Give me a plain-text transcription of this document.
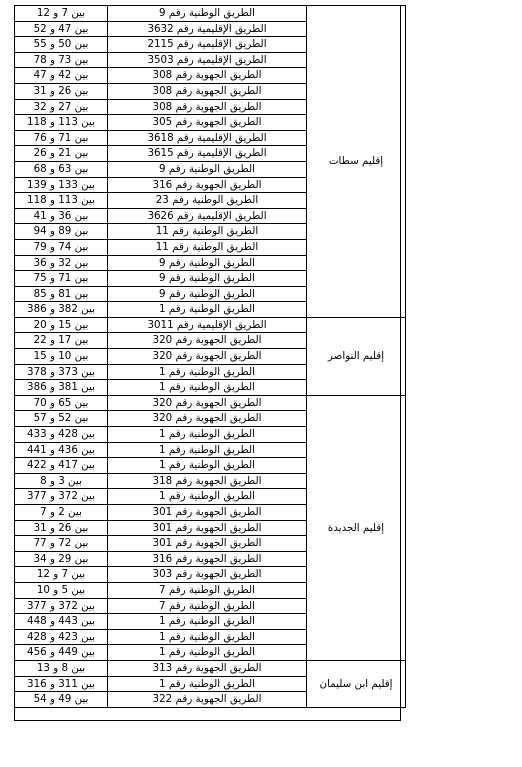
بين 7 و 12	الطريق الوطنية رقم 9	إقليم سطات
بين 47 و 52	الطريق الإقليمية رقم 3632	
بين 50 و 55	الطريق الإقليمية رقم 2115	
بين 73 و 78	الطريق الإقليمية رقم 3503	
بين 42 و 47	الطريق الجهوية رقم 308	
بين 26 و 31	الطريق الجهوية رقم 308	
بين 27 و 32	الطريق الجهوية رقم 308	
بين 113 و 118	الطريق الجهوية رقم 305	
بين 71 و 76	الطريق الإقليمية رقم 3618	
بين 21 و 26	الطريق الإقليمية رقم 3615	
بين 63 و 68	الطريق الوطنية رقم 9	
بين 133 و 139	الطريق الجهوية رقم 316	
بين 113 و 118	الطريق الوطنية رقم 23	
بين 36 و 41	الطريق الإقليمية رقم 3626	
بين 89 و 94	الطريق الوطنية رقم 11	
بين 74 و 79	الطريق الوطنية رقم 11	
بين 32 و 36	الطريق الوطنية رقم 9	
بين 71 و 75	الطريق الوطنية رقم 9	
بين 81 و 85	الطريق الوطنية رقم 9	
بين 382 و 386	الطريق الوطنية رقم 1	
بين 15 و 20	الطريق الإقليمية رقم 3011	إقليم النواصر
بين 17 و 22	الطريق الجهوية رقم 320	
بين 10 و 15	الطريق الجهوية رقم 320	
بين 373 و 378	الطريق الوطنية رقم 1	
بين 381 و 386	الطريق الوطنية رقم 1	
بين 65 و 70	الطريق الجهوية رقم 320	إقليم الجديدة
بين 52 و 57	الطريق الجهوية رقم 320	
بين 428 و 433	الطريق الوطنية رقم 1	
بين 436 و 441	الطريق الوطنية رقم 1	
بين 417 و 422	الطريق الوطنية رقم 1	
بين 3 و 8	الطريق الجهوية رقم 318	
بين 372 و 377	الطريق الوطنية رقم 1	
بين 2 و 7	الطريق الجهوية رقم 301	
بين 26 و 31	الطريق الجهوية رقم 301	
بين 72 و 77	الطريق الجهوية رقم 301	
بين 29 و 34	الطريق الجهوية رقم 316	
بين 7 و 12	الطريق الجهوية رقم 303	
بين 5 و 10	الطريق الوطنية رقم 7	
بين 372 و 377	الطريق الوطنية رقم 7	
بين 443 و 448	الطريق الوطنية رقم 1	
بين 423 و 428	الطريق الوطنية رقم 1	
بين 449 و 456	الطريق الوطنية رقم 1	
بين 8 و 13	الطريق الجهوية رقم 313	إقليم ابن سليمان
بين 311 و 316	الطريق الوطنية رقم 1	
بين 49 و 54	الطريق الجهوية رقم 322	
